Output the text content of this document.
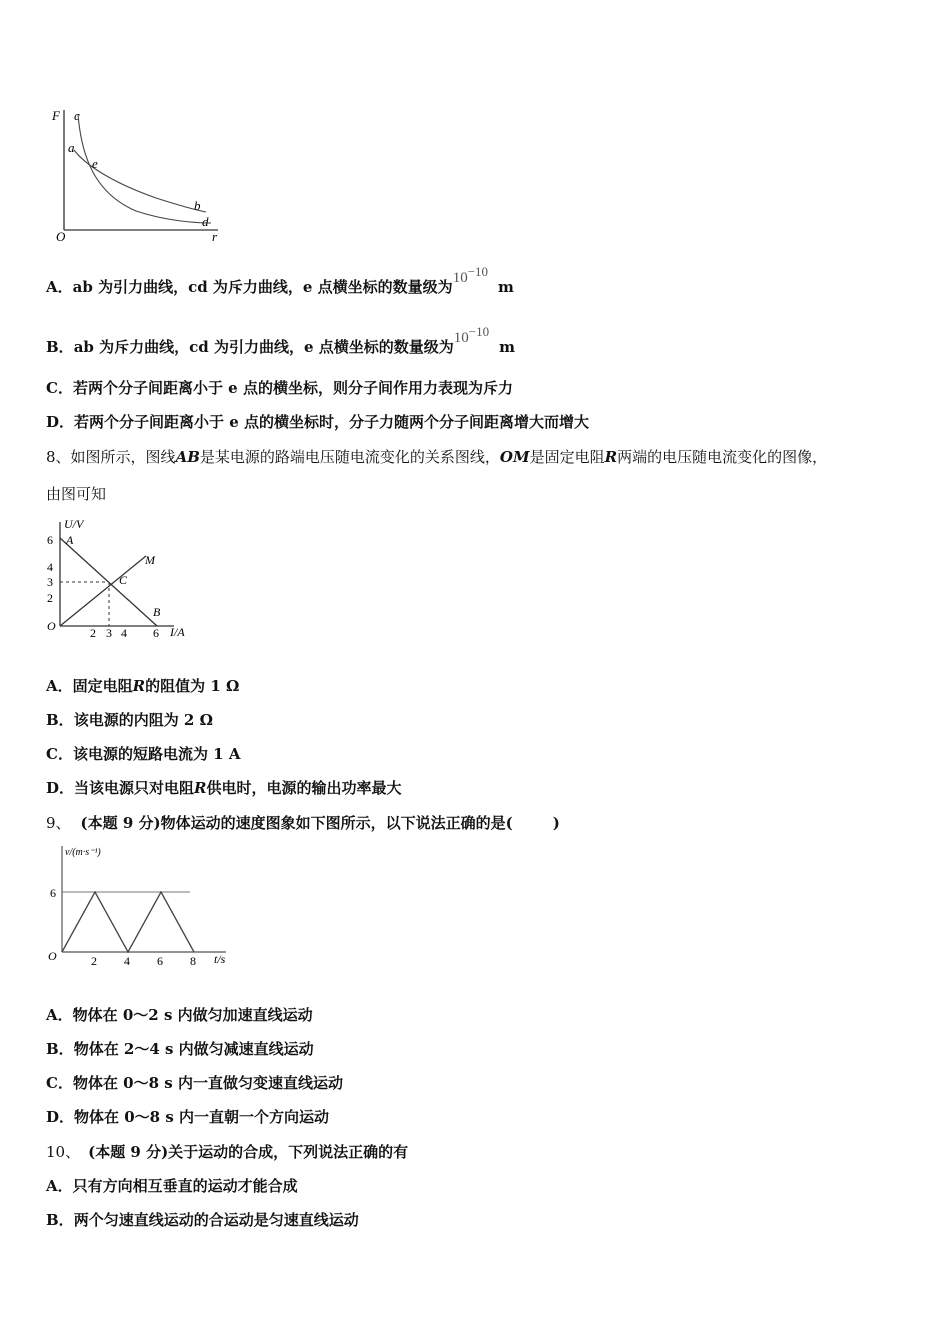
F
O	r
c
a
e
b
d
A．ab 为引力曲线，cd 为斥力曲线，e 点横坐标的数量级为$10^{-10}m$
B．ab 为斥力曲线，cd 为引力曲线，e 点横坐标的数量级为$10^{-10}m$
C．若两个分子间距离小于 e 点的横坐标，则分子间作用力表现为斥力
D．若两个分子间距离小于 e 点的横坐标时，分子力随两个分子间距离增大而增大
8、如图所示，图线AB是某电源的路端电压随电流变化的关系图线，OM是固定电阻R两端的电压随电流变化的图像，
由图可知
U/V
I/A
O
6
4
3
2
2 3 4 6
A
C
M
B
A．固定电阻R的阻值为 1 Ω
B．该电源的内阻为 2 Ω
C．该电源的短路电流为 1 A
D．当该电源只对电阻R供电时，电源的输出功率最大
9、 (本题 9 分)物体运动的速度图象如下图所示，以下说法正确的是(	)
v/(m·s⁻¹)
O
6
2 4 6 8 t/s
A．物体在 0～2 s 内做匀加速直线运动
B．物体在 2～4 s 内做匀减速直线运动
C．物体在 0～8 s 内一直做匀变速直线运动
D．物体在 0～8 s 内一直朝一个方向运动
10、 (本题 9 分)关于运动的合成，下列说法正确的有
A．只有方向相互垂直的运动才能合成
B．两个匀速直线运动的合运动是匀速直线运动
